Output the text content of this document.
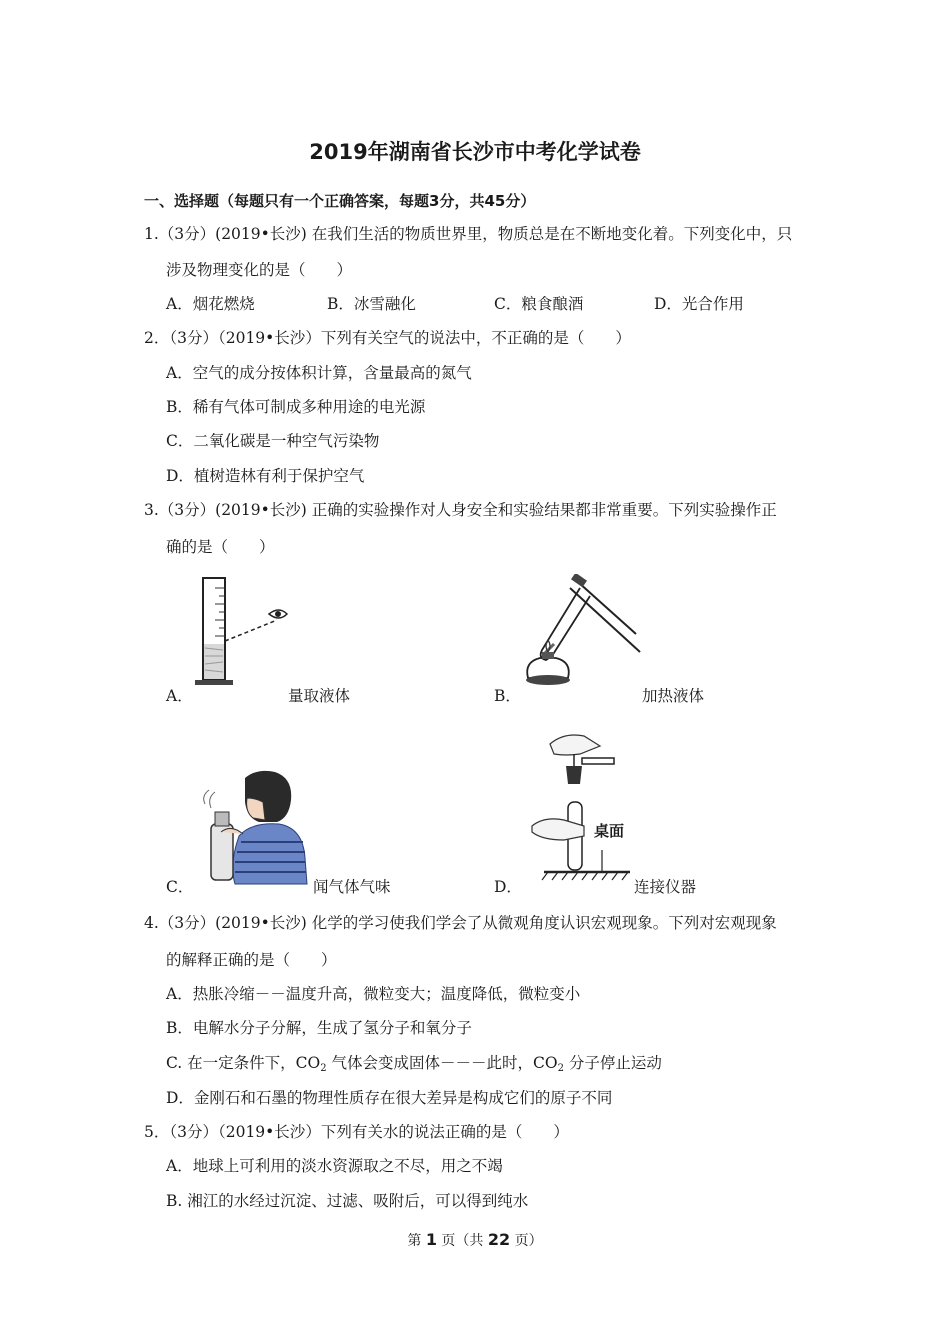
2019年湖南省长沙市中考化学试卷
一、选择题（每题只有一个正确答案，每题3分，共45分）
1.（3分）(2019•长沙) 在我们生活的物质世界里，物质总是在不断地变化着。下列变化中，只
涉及物理变化的是（　　）
A．烟花燃烧	B．冰雪融化	C．粮食酿酒	D．光合作用
2．（3分）（2019•长沙）下列有关空气的说法中，不正确的是（　　）
A．空气的成分按体积计算，含量最高的氮气
B．稀有气体可制成多种用途的电光源
C．二氧化碳是一种空气污染物
D．植树造林有利于保护空气
3.（3分）(2019•长沙) 正确的实验操作对人身安全和实验结果都非常重要。下列实验操作正
确的是（　　）
A．	量取液体	B．	加热液体
C．	闻气体气味
桌面
D．	连接仪器
4.（3分）(2019•长沙) 化学的学习使我们学会了从微观角度认识宏观现象。下列对宏观现象
的解释正确的是（　　）
A．热胀冷缩－－温度升高，微粒变大；温度降低，微粒变小
B．电解水分子分解，生成了氢分子和氧分子
C. 在一定条件下，$CO_2$ 气体会变成固体－－－此时，$CO_2$ 分子停止运动
D．金刚石和石墨的物理性质存在很大差异是构成它们的原子不同
5．（3分）（2019•长沙）下列有关水的说法正确的是（　　）
A．地球上可利用的淡水资源取之不尽，用之不竭
B. 湘江的水经过沉淀、过滤、吸附后，可以得到纯水
第 1 页（共 22 页）
